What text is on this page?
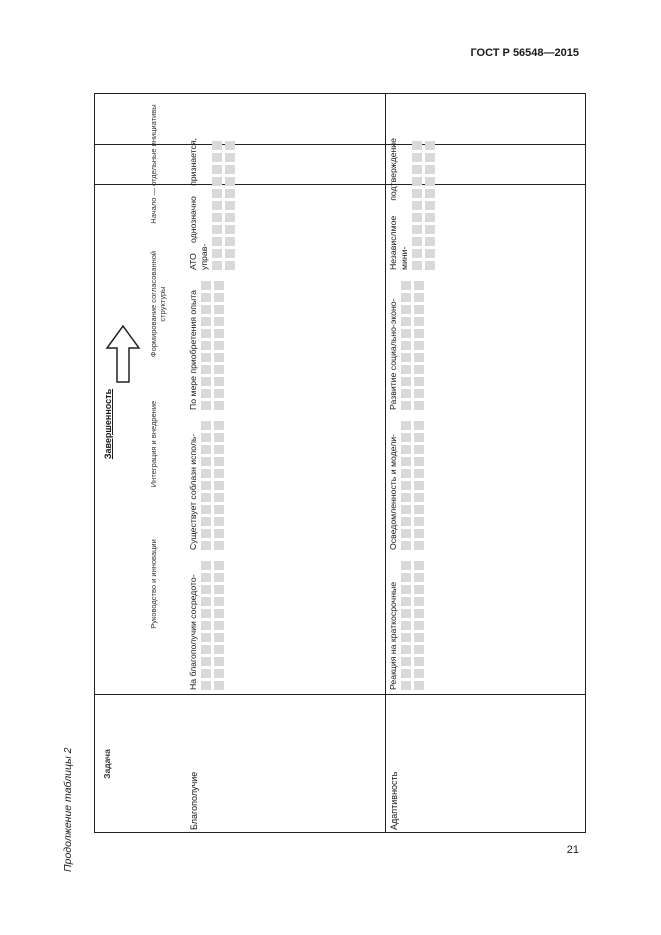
ГОСТ Р 56548—2015
21
Продолжение таблицы 2	Задача
Начало — отдельные инициативы
Формирование согласованной структуры
Интеграция и внедрение
Руководство и инновации
Завершенность
Благополучие
На благополучии сосредото-
Существует соблазн исполь-
По мере приобретения опыта
АТО однозначно признается, управ-
Адаптивность
Реакция на краткосрочные
Осведомленность и модели-
Развитие социально-эконо-
Независлмое подтверждение мини-
